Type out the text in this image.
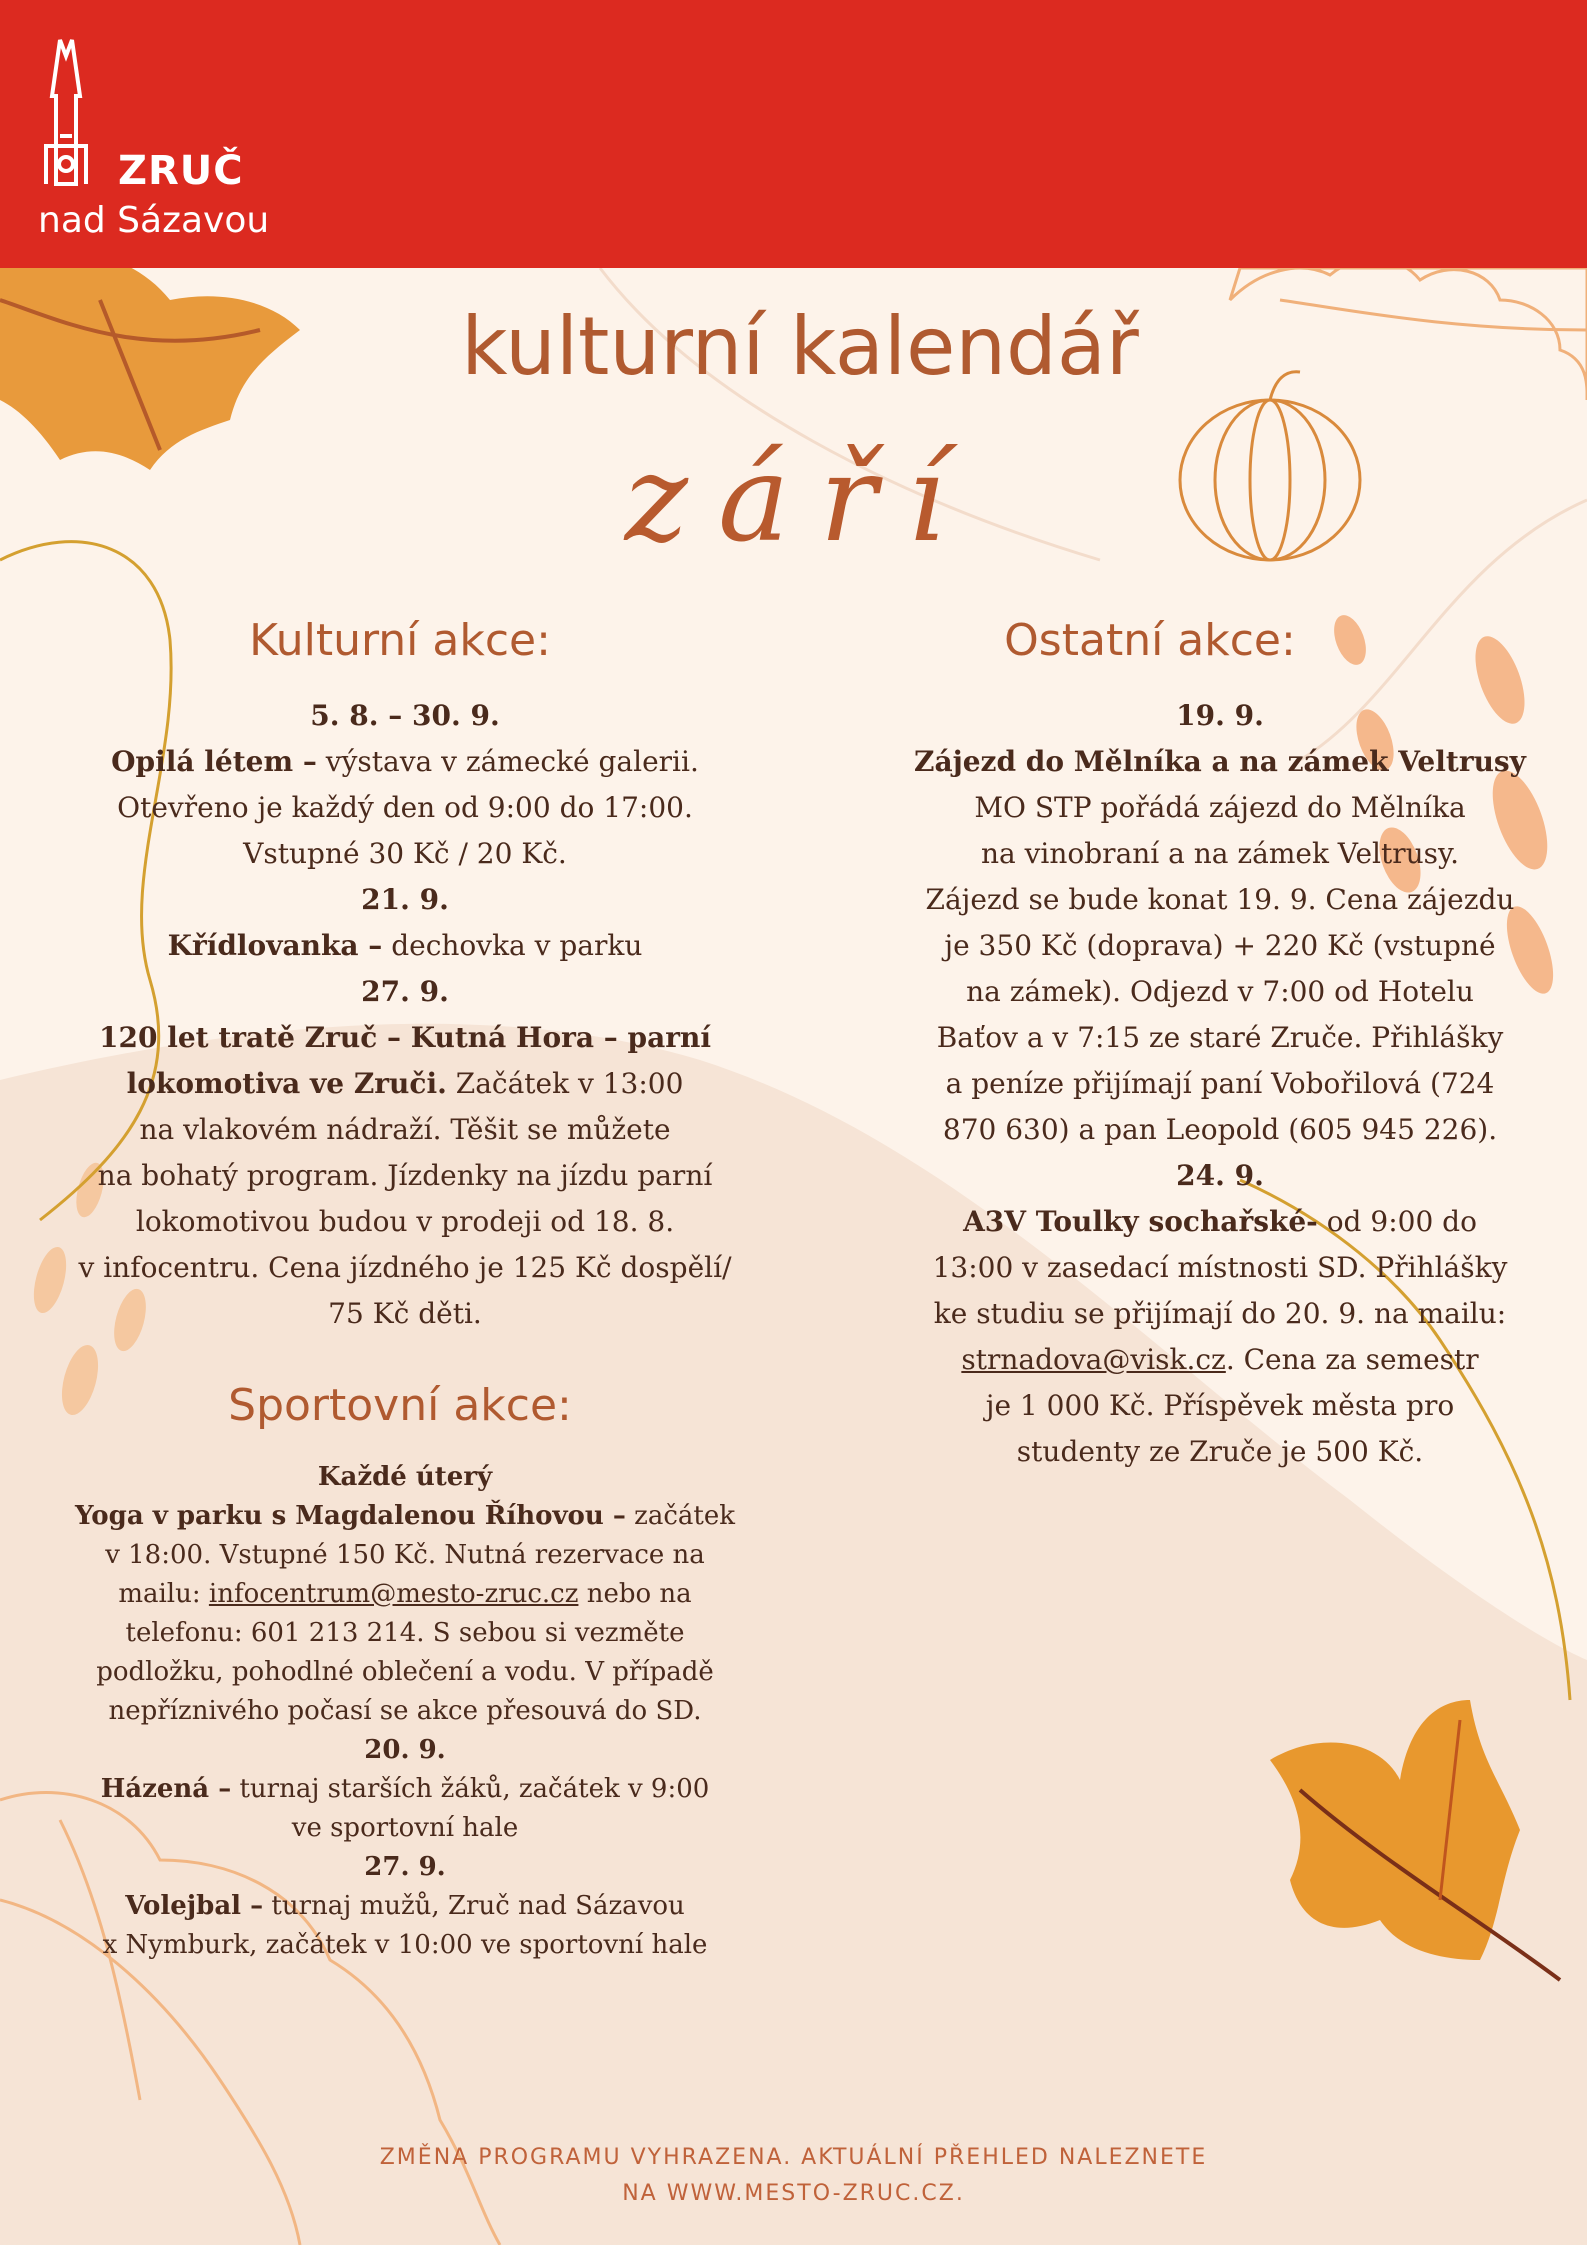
ZRUČ
nad Sázavou
kulturní kalendář
září
Kulturní akce:

5. 8. – 30. 9.

Opilá létem – výstava v zámecké galerii.

Otevřeno je každý den od 9:00 do 17:00.

Vstupné 30 Kč / 20 Kč.

21. 9.

Křídlovanka – dechovka v parku

27. 9.

120 let tratě Zruč – Kutná Hora – parní

lokomotiva ve Zruči. Začátek v 13:00

na vlakovém nádraží. Těšit se můžete

na bohatý program. Jízdenky na jízdu parní

lokomotivou budou v prodeji od 18. 8.

v infocentru. Cena jízdného je 125 Kč dospělí/

75 Kč děti.

Sportovní akce:

Každé úterý

Yoga v parku s Magdalenou Říhovou – začátek

v 18:00. Vstupné 150 Kč. Nutná rezervace na

mailu: infocentrum@mesto-zruc.cz nebo na

telefonu: 601 213 214. S sebou si vezměte

podložku, pohodlné oblečení a vodu. V případě

nepříznivého počasí se akce přesouvá do SD.

20. 9.

Házená – turnaj starších žáků, začátek v 9:00

ve sportovní hale

27. 9.

Volejbal – turnaj mužů, Zruč nad Sázavou

x Nymburk, začátek v 10:00 ve sportovní hale

Ostatní akce:

19. 9.

Zájezd do Mělníka a na zámek Veltrusy

MO STP pořádá zájezd do Mělníka

na vinobraní a na zámek Veltrusy.

Zájezd se bude konat 19. 9. Cena zájezdu

je 350 Kč (doprava) + 220 Kč (vstupné

na zámek). Odjezd v 7:00 od Hotelu

Baťov a v 7:15 ze staré Zruče. Přihlášky

a peníze přijímají paní Vobořilová (724

870 630) a pan Leopold (605 945 226).

24. 9.

A3V Toulky sochařské- od 9:00 do

13:00 v zasedací místnosti SD. Přihlášky

ke studiu se přijímají do 20. 9. na mailu:

strnadova@visk.cz. Cena za semestr

je 1 000 Kč. Příspěvek města pro

studenty ze Zruče je 500 Kč.

ZMĚNA PROGRAMU VYHRAZENA. AKTUÁLNÍ PŘEHLED NALEZNETE
NA WWW.MESTO-ZRUC.CZ.
